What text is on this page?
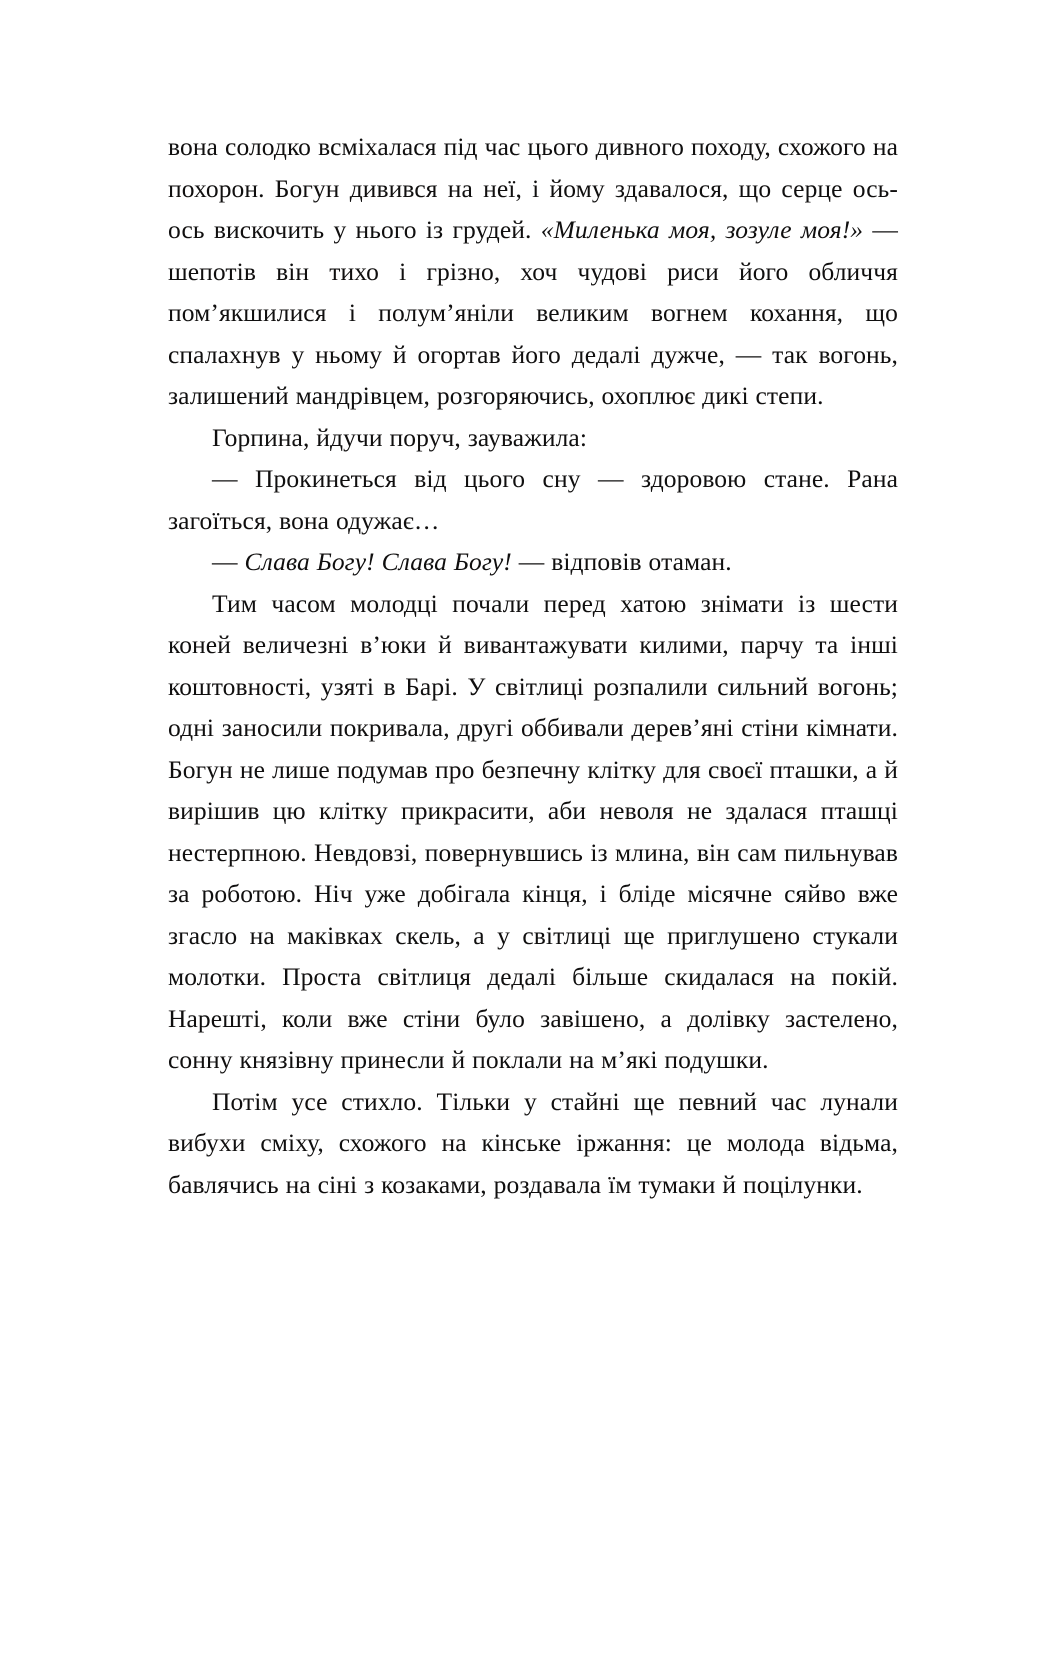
вона солодко всміхалася під час цього дивного походу, схожого на похорон. Богун дивився на неї, і йому здавалося, що серце ось-ось вискочить у нього із грудей. «Миленька моя, зозуле моя!» — шепотів він тихо і грізно, хоч чудові риси його обличчя пом’якшилися і полум’яніли великим вогнем кохання, що спалахнув у ньому й огортав його дедалі дужче, — так вогонь, залишений мандрівцем, розгоряючись, охоплює дикі степи.

Горпина, йдучи поруч, зауважила:

— Прокинеться від цього сну — здоровою стане. Рана загоїться, вона одужає…

— Слава Богу! Слава Богу! — відповів отаман.

Тим часом молодці почали перед хатою знімати із шести коней величезні в’юки й вивантажувати килими, парчу та інші коштовності, узяті в Барі. У світлиці розпалили сильний вогонь; одні заносили покривала, другі оббивали дерев’яні стіни кімнати. Богун не лише подумав про безпечну клітку для своєї пташки, а й вирішив цю клітку прикрасити, аби неволя не здалася пташці нестерпною. Невдовзі, повернувшись із млина, він сам пильнував за роботою. Ніч уже добігала кінця, і бліде місячне сяйво вже згасло на маківках скель, а у світлиці ще приглушено стукали молотки. Проста світлиця дедалі більше скидалася на покій. Нарешті, коли вже стіни було завішено, а долівку застелено, сонну князівну принесли й поклали на м’які подушки.

Потім усе стихло. Тільки у стайні ще певний час лунали вибухи сміху, схожого на кінське іржання: це молода відьма, бавлячись на сіні з козаками, роздавала їм тумаки й поцілунки.
